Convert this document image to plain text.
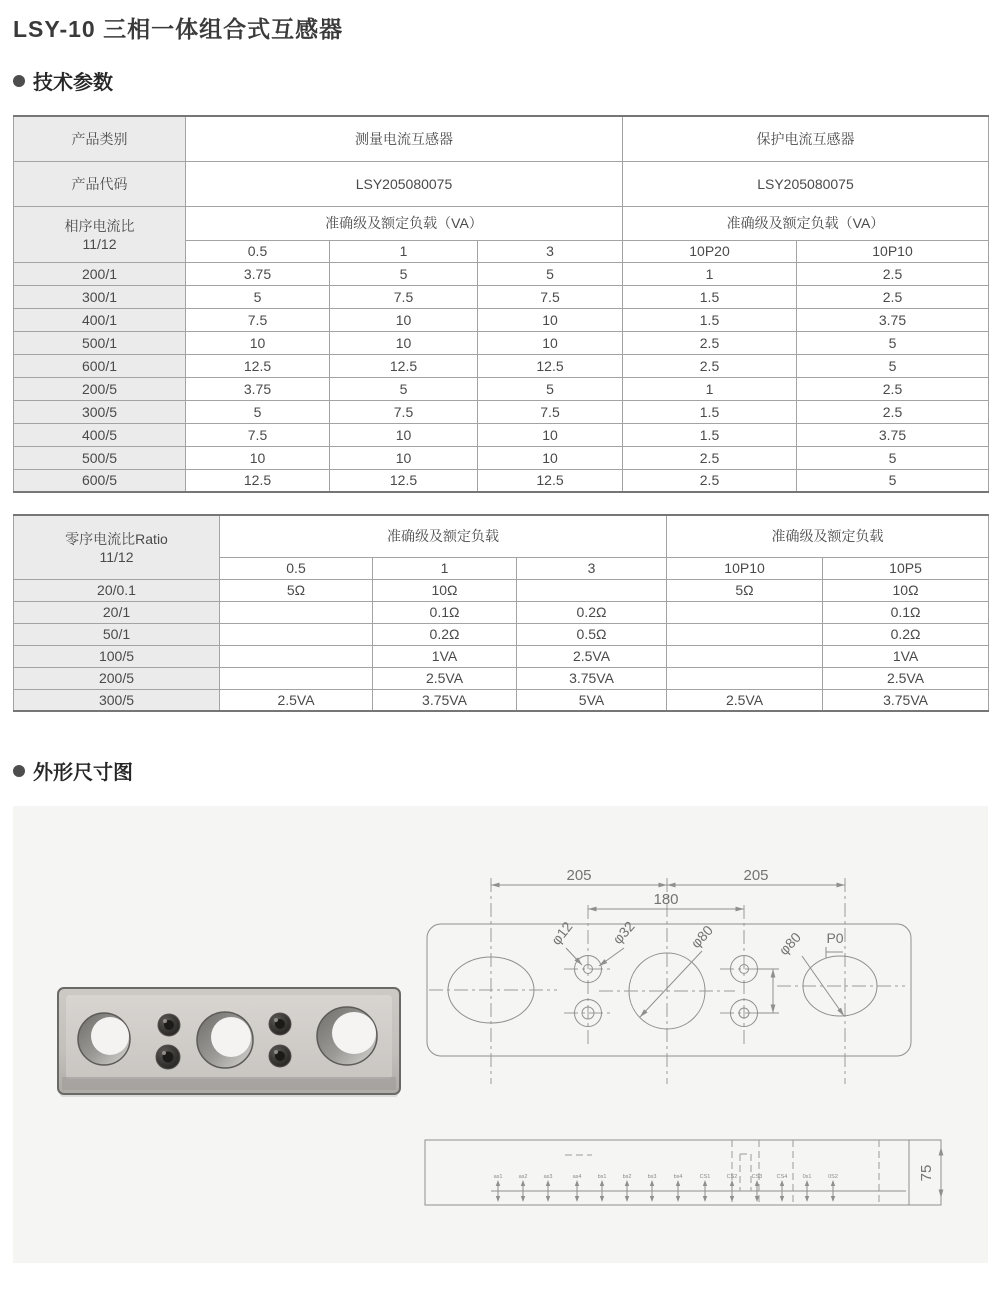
LSY-10 三相一体组合式互感器
技术参数
产品类别	测量电流互感器			保护电流互感器	
产品代码	LSY205080075			LSY205080075	

相序电流比
11/12	准确级及额定负载（VA）			准确级及额定负载（VA）	
	0.5	1	3	10P20	10P10
200/1	3.75	5	5	1	2.5
300/1	5	7.5	7.5	1.5	2.5
400/1	7.5	10	10	1.5	3.75
500/1	10	10	10	2.5	5
600/1	12.5	12.5	12.5	2.5	5
200/5	3.75	5	5	1	2.5
300/5	5	7.5	7.5	1.5	2.5
400/5	7.5	10	10	1.5	3.75
500/5	10	10	10	2.5	5
600/5	12.5	12.5	12.5	2.5	5
零序电流比Ratio
11/12	准确级及额定负载			准确级及额定负载	
	0.5	1	3	10P10	10P5
20/0.1	5Ω	10Ω		5Ω	10Ω
20/1		0.1Ω	0.2Ω		0.1Ω
50/1		0.2Ω	0.5Ω		0.2Ω
100/5		1VA	2.5VA		1VA
200/5		2.5VA	3.75VA		2.5VA
300/5	2.5VA	3.75VA	5VA	2.5VA	3.75VA
外形尺寸图
205	205
180
φ12 φ32	φ80	φ80 P0
75
as1	as2	as3	as4	bs1	bs2	bs3	bs4	CS1	CS2	CS3	CS4	0s1	0S2
